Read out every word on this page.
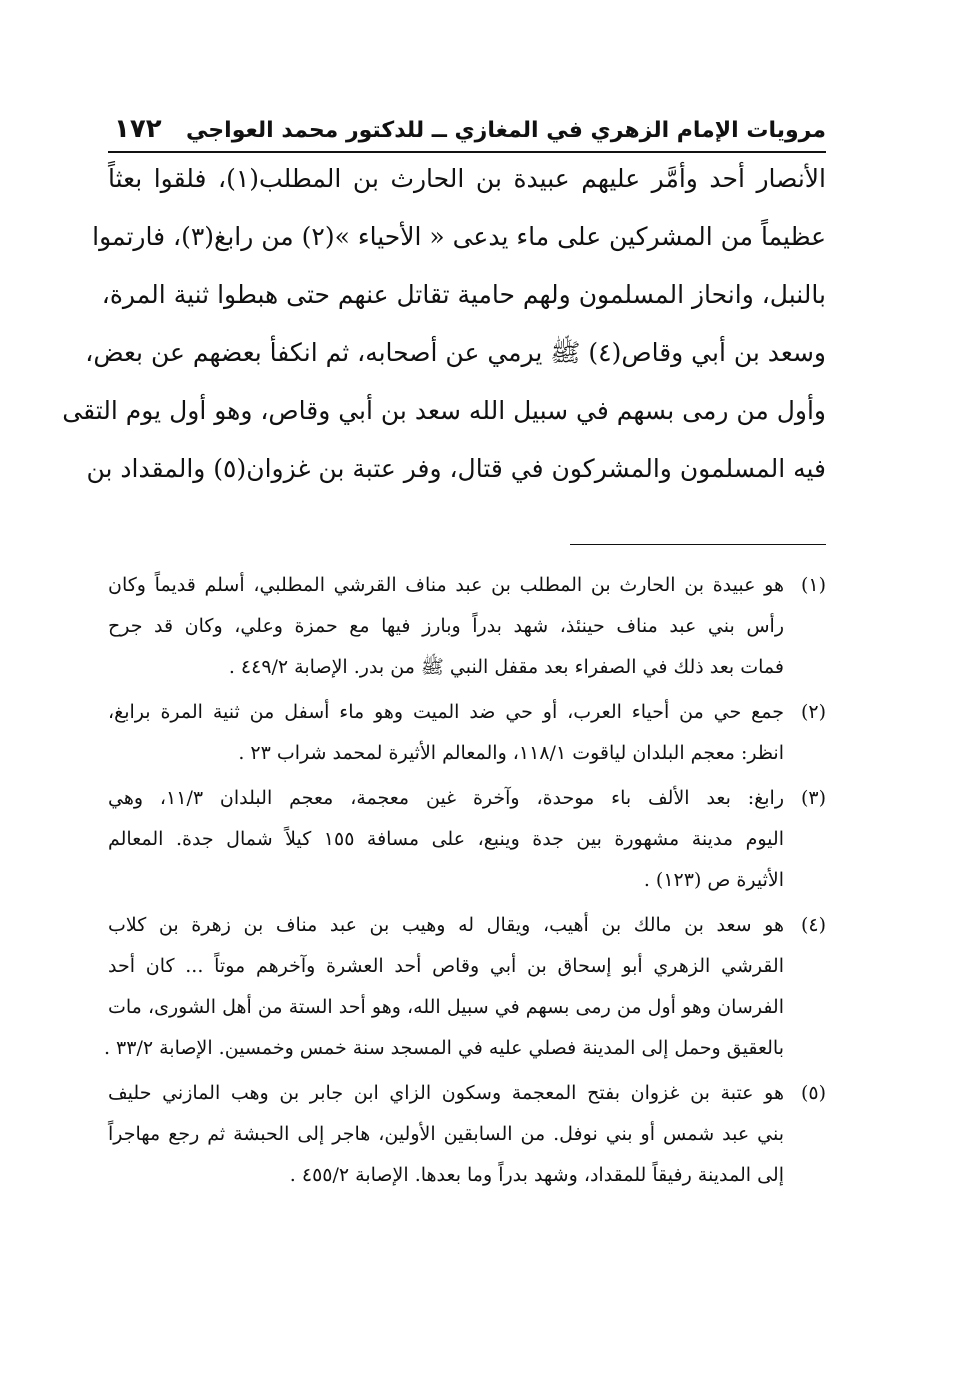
مرويات الإمام الزهري في المغازي ــ للدكتور محمد العواجي
١٧٢
الأنصار أحد وأمَّر عليهم عبيدة بن الحارث بن المطلب(١)، فلقوا بعثاً
عظيماً من المشركين على ماء يدعى « الأحياء »(٢) من رابغ(٣)، فارتموا
بالنبل، وانحاز المسلمون ولهم حامية تقاتل عنهم حتى هبطوا ثنية المرة،
وسعد بن أبي وقاص(٤) ﷺ يرمي عن أصحابه، ثم انكفأ بعضهم عن بعض،
وأول من رمى بسهم في سبيل الله سعد بن أبي وقاص، وهو أول يوم التقى
فيه المسلمون والمشركون في قتال، وفر عتبة بن غزوان(٥) والمقداد بن
(١)
هو عبيدة بن الحارث بن المطلب بن عبد مناف القرشي المطلبي، أسلم قديماً وكان
رأس بني عبد مناف حينئذ، شهد بدراً وبارز فيها مع حمزة وعلي، وكان قد جرح
فمات بعد ذلك في الصفراء بعد مقفل النبي ﷺ من بدر. الإصابة ٤٤٩/٢ .
(٢)
جمع حي من أحياء العرب، أو حي ضد الميت وهو ماء أسفل من ثنية المرة برابغ،
انظر: معجم البلدان لياقوت ١١٨/١، والمعالم الأثيرة لمحمد شراب ٢٣ .
(٣)
رابغ: بعد الألف باء موحدة، وآخرة غين معجمة، معجم البلدان ١١/٣، وهي
اليوم مدينة مشهورة بين جدة وينبع، على مسافة ١٥٥ كيلاً شمال جدة. المعالم
الأثيرة ص (١٢٣) .
(٤)
هو سعد بن مالك بن أهيب، ويقال له وهيب بن عبد مناف بن زهرة بن كلاب
القرشي الزهري أبو إسحاق بن أبي وقاص أحد العشرة وآخرهم موتاً ... كان أحد
الفرسان وهو أول من رمى بسهم في سبيل الله، وهو أحد الستة من أهل الشورى، مات
بالعقيق وحمل إلى المدينة فصلي عليه في المسجد سنة خمس وخمسين. الإصابة ٣٣/٢ .
(٥)
هو عتبة بن غزوان بفتح المعجمة وسكون الزاي ابن جابر بن وهب المازني حليف
بني عبد شمس أو بني نوفل. من السابقين الأولين، هاجر إلى الحبشة ثم رجع مهاجراً
إلى المدينة رفيقاً للمقداد، وشهد بدراً وما بعدها. الإصابة ٤٥٥/٢ .
